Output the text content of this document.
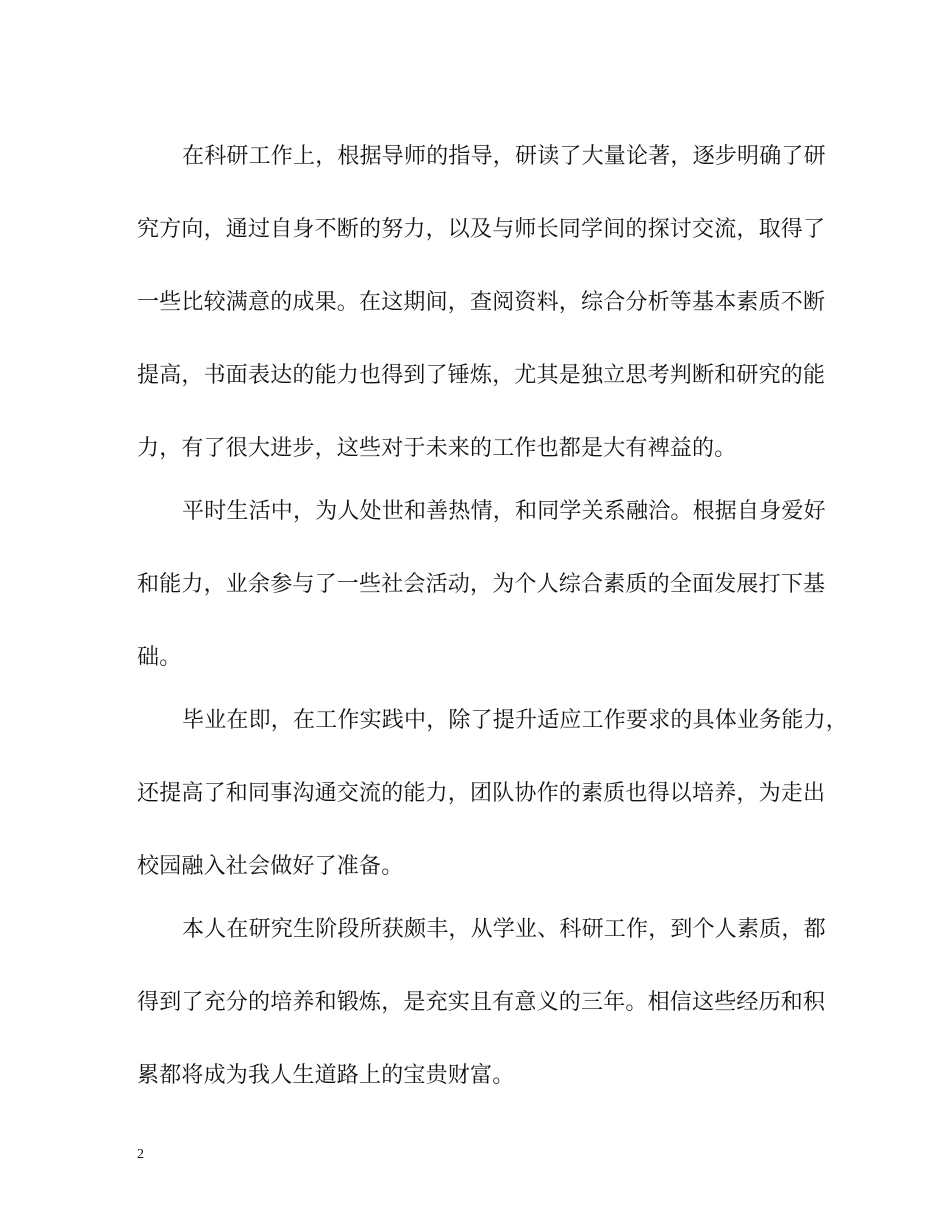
在科研工作上，根据导师的指导，研读了大量论著，逐步明确了研
究方向，通过自身不断的努力，以及与师长同学间的探讨交流，取得了
一些比较满意的成果。在这期间，查阅资料，综合分析等基本素质不断
提高，书面表达的能力也得到了锤炼，尤其是独立思考判断和研究的能
力，有了很大进步，这些对于未来的工作也都是大有裨益的。
平时生活中，为人处世和善热情，和同学关系融洽。根据自身爱好
和能力，业余参与了一些社会活动，为个人综合素质的全面发展打下基
础。
毕业在即，在工作实践中，除了提升适应工作要求的具体业务能力，
还提高了和同事沟通交流的能力，团队协作的素质也得以培养，为走出
校园融入社会做好了准备。
本人在研究生阶段所获颇丰，从学业、科研工作，到个人素质，都
得到了充分的培养和锻炼，是充实且有意义的三年。相信这些经历和积
累都将成为我人生道路上的宝贵财富。
2
